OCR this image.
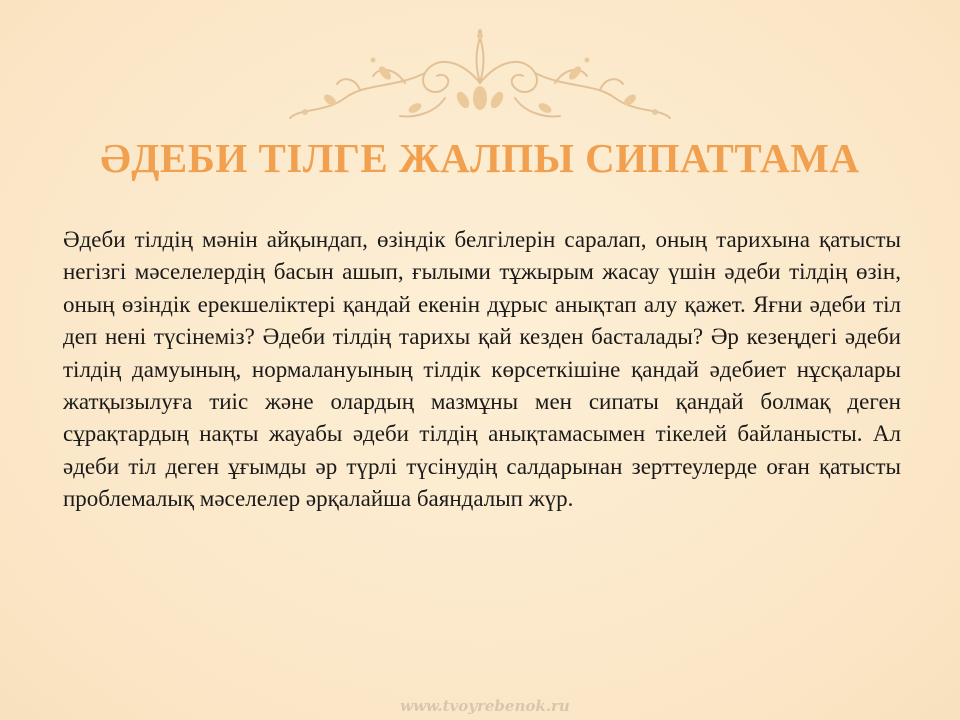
ӘДЕБИ ТІЛГЕ ЖАЛПЫ СИПАТТАМА

Әдеби тілдің мәнін айқындап, өзіндік белгілерін саралап, оның тарихына қатысты негізгі мәселелердің басын ашып, ғылыми тұжырым жасау үшін әдеби тілдің өзін, оның өзіндік ерекшеліктері қандай екенін дұрыс анықтап алу қажет. Яғни әдеби тіл деп нені түсінеміз? Әдеби тілдің тарихы қай кезден басталады? Әр кезеңдегі әдеби тілдің дамуының, нормалануының тілдік көрсеткішіне қандай әдебиет нұсқалары жатқызылуға тиіс және олардың мазмұны мен сипаты қандай болмақ деген сұрақтардың нақты жауабы әдеби тілдің анықтамасымен тікелей байланысты. Ал әдеби тіл деген ұғымды әр түрлі түсінудің салдарынан зерттеулерде оған қатысты проблемалық мәселелер әрқалайша баяндалып жүр.

www.tvoyrebenok.ru
